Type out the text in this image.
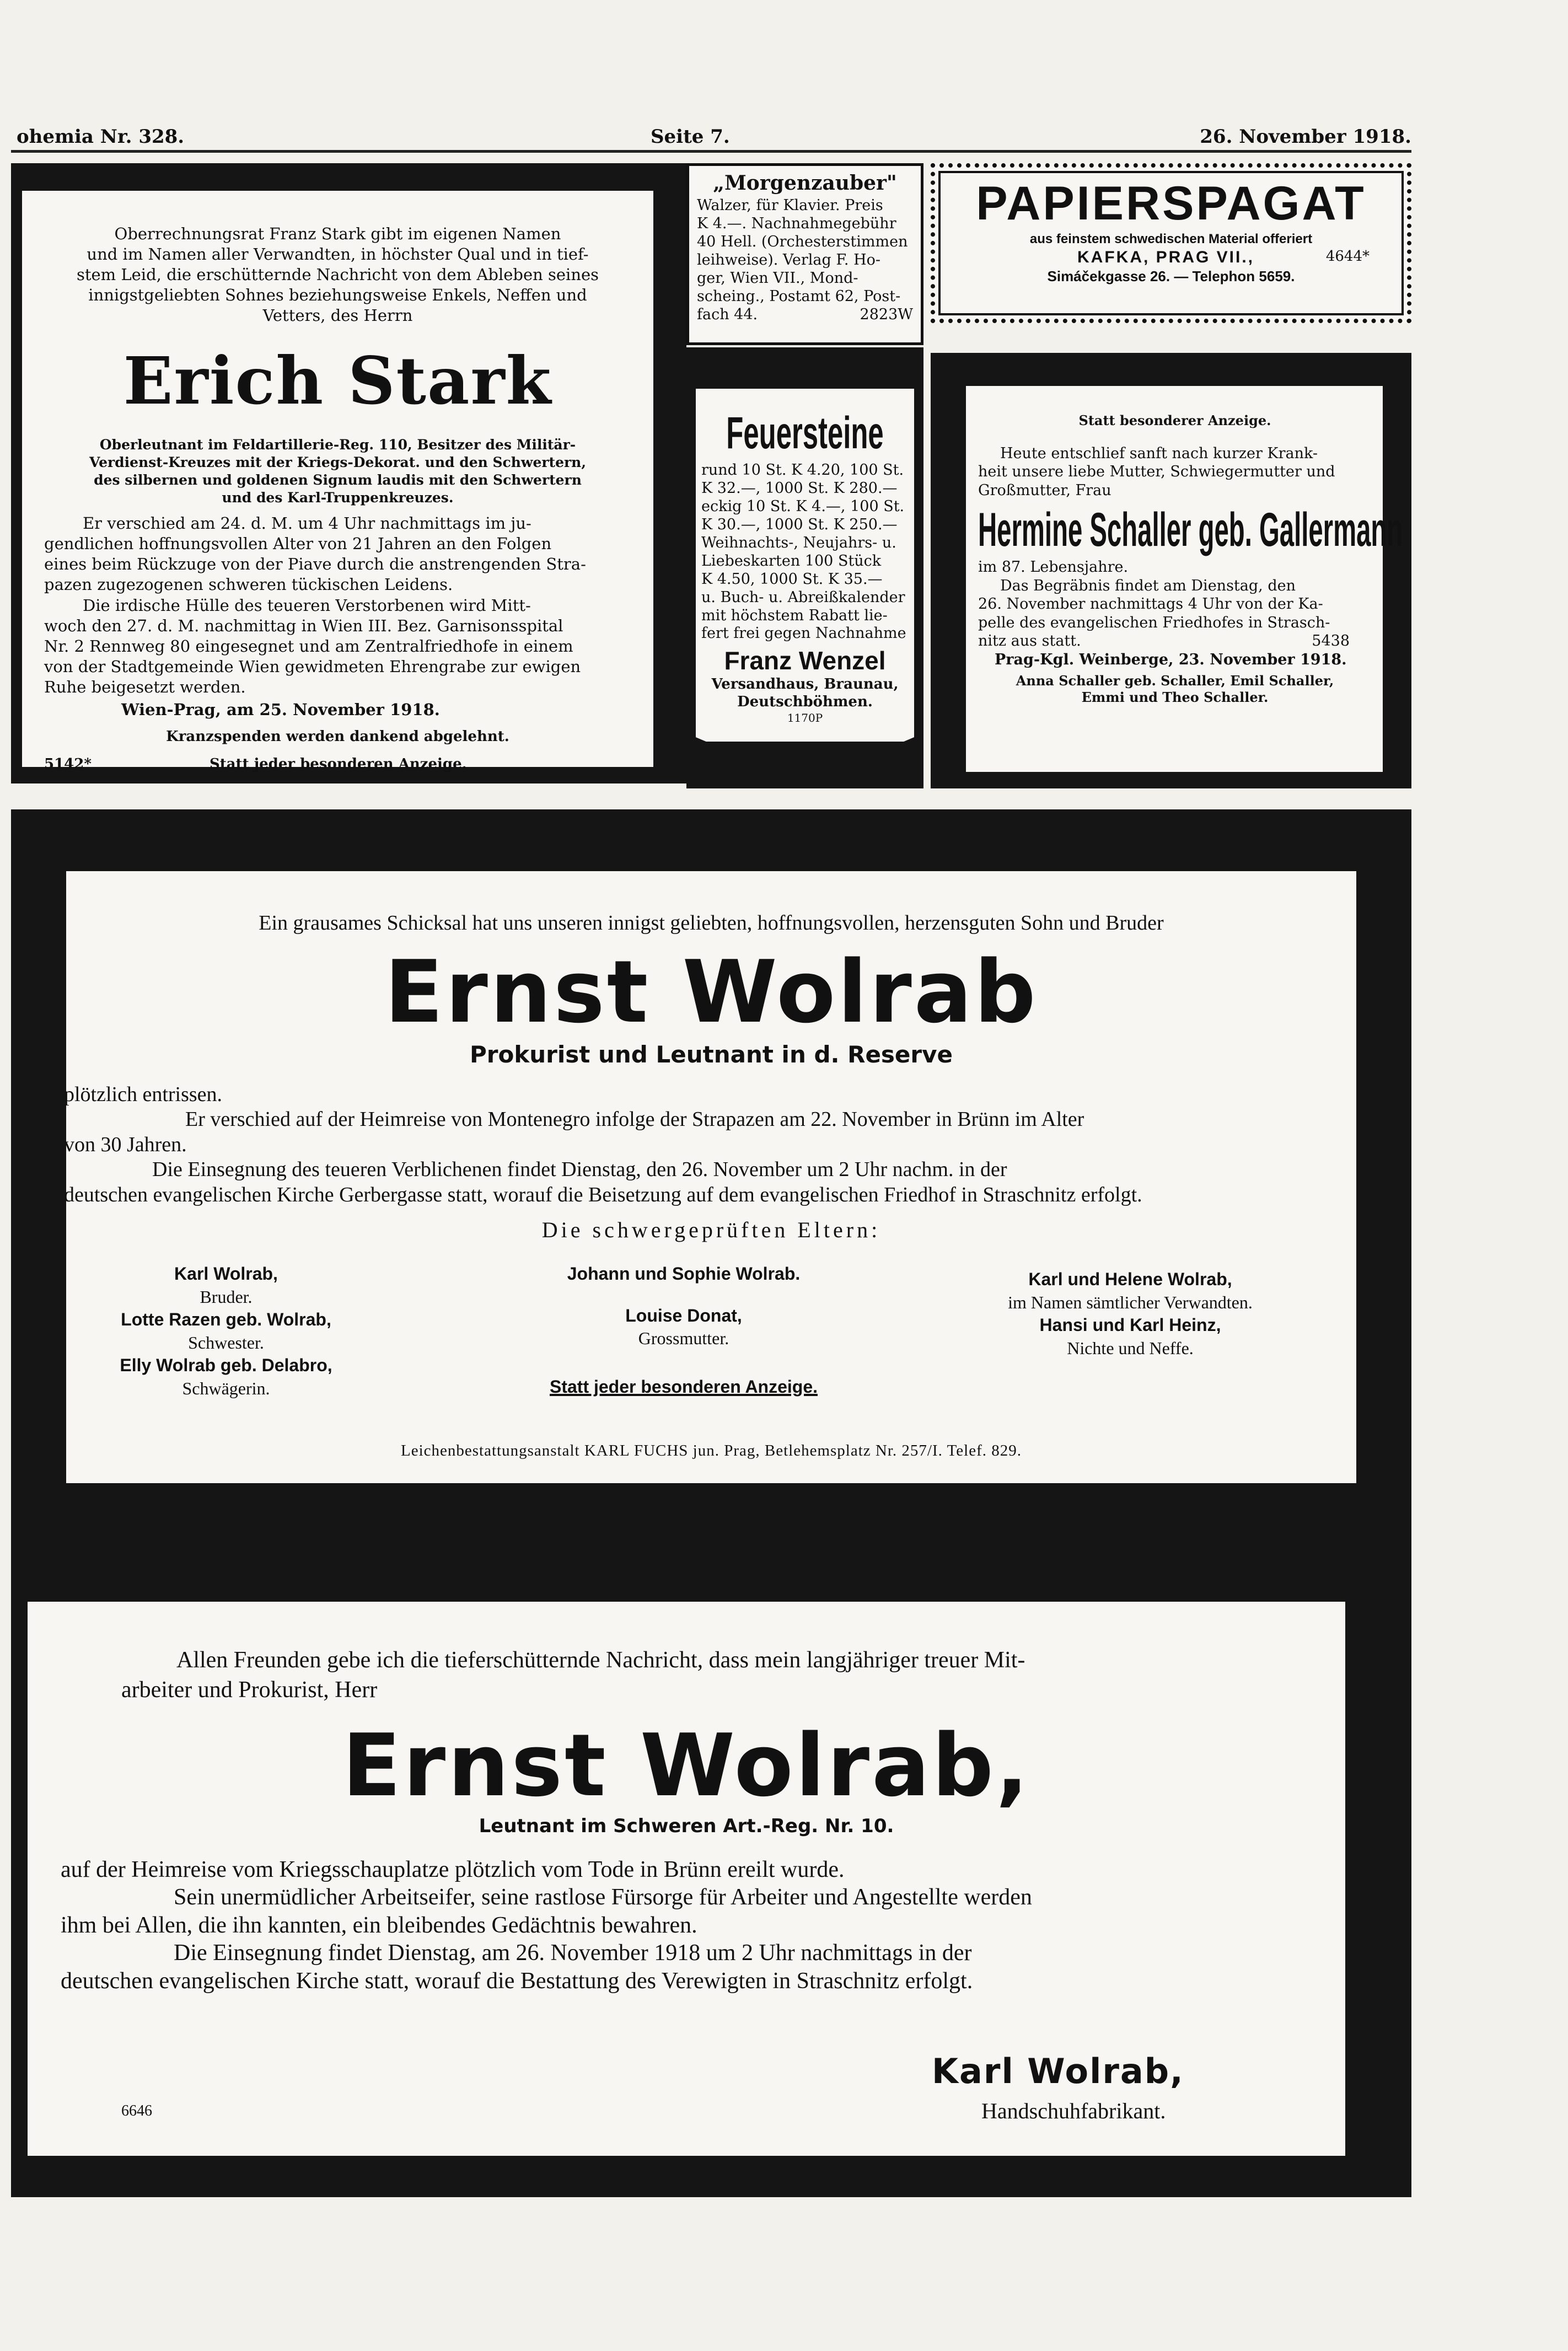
ohemia Nr. 328.	Seite 7.	26. November 1918.
Oberrechnungsrat Franz Stark gibt im eigenen Namen
und im Namen aller Verwandten, in höchster Qual und in tief-
stem Leid, die erschütternde Nachricht von dem Ableben seines
innigstgeliebten Sohnes beziehungsweise Enkels, Neffen und
Vetters, des Herrn
Erich Stark
Oberleutnant im Feldartillerie-Reg. 110, Besitzer des Militär-
Verdienst-Kreuzes mit der Kriegs-Dekorat. und den Schwertern,
des silbernen und goldenen Signum laudis mit den Schwertern
und des Karl-Truppenkreuzes.
Er verschied am 24. d. M. um 4 Uhr nachmittags im ju-
gendlichen hoffnungsvollen Alter von 21 Jahren an den Folgen
eines beim Rückzuge von der Piave durch die anstrengenden Stra-
pazen zugezogenen schweren tückischen Leidens.
Die irdische Hülle des teueren Verstorbenen wird Mitt-
woch den 27. d. M. nachmittag in Wien III. Bez. Garnisonsspital
Nr. 2 Rennweg 80 eingesegnet und am Zentralfriedhofe in einem
von der Stadtgemeinde Wien gewidmeten Ehrengrabe zur ewigen
Ruhe beigesetzt werden.
Wien-Prag, am 25. November 1918.
Kranzspenden werden dankend abgelehnt.
5142*	Statt jeder besonderen Anzeige.
„Morgenzauber"
Walzer, für Klavier. Preis
K 4.—. Nachnahmegebühr
40 Hell. (Orchesterstimmen
leihweise). Verlag F. Ho-
ger, Wien VII., Mond-
scheing., Postamt 62, Post-
fach 44.	2823W
Feuersteine
rund 10 St. K 4.20, 100 St.
K 32.—, 1000 St. K 280.—
eckig 10 St. K 4.—, 100 St.
K 30.—, 1000 St. K 250.—
Weihnachts-, Neujahrs- u.
Liebeskarten 100 Stück
K 4.50, 1000 St. K 35.—
u. Buch- u. Abreißkalender
mit höchstem Rabatt lie-
fert frei gegen Nachnahme
Franz Wenzel
Versandhaus, Braunau,
Deutschböhmen.
1170P
PAPIERSPAGAT
aus feinstem schwedischen Material offeriert
KAFKA, PRAG VII.,	4644*
Simáčekgasse 26. — Telephon 5659.
Statt besonderer Anzeige.
Heute entschlief sanft nach kurzer Krank-
heit unsere liebe Mutter, Schwiegermutter und
Großmutter, Frau
Hermine Schaller geb. Gallermann
im 87. Lebensjahre.
Das Begräbnis findet am Dienstag, den
26. November nachmittags 4 Uhr von der Ka-
pelle des evangelischen Friedhofes in Strasch-
nitz aus statt.	5438
Prag-Kgl. Weinberge, 23. November 1918.
Anna Schaller geb. Schaller, Emil Schaller,
Emmi und Theo Schaller.
Ein grausames Schicksal hat uns unseren innigst geliebten, hoffnungsvollen, herzensguten Sohn und Bruder
Ernst Wolrab
Prokurist und Leutnant in d. Reserve
plötzlich entrissen.
Er verschied auf der Heimreise von Montenegro infolge der Strapazen am 22. November in Brünn im Alter
von 30 Jahren.
Die Einsegnung des teueren Verblichenen findet Dienstag, den 26. November um 2 Uhr nachm. in der
deutschen evangelischen Kirche Gerbergasse statt, worauf die Beisetzung auf dem evangelischen Friedhof in Straschnitz erfolgt.
Die schwergeprüften Eltern:
Karl Wolrab,
Bruder.
Lotte Razen geb. Wolrab,
Schwester.
Elly Wolrab geb. Delabro,
Schwägerin.
Johann und Sophie Wolrab.
Louise Donat,
Grossmutter.
Statt jeder besonderen Anzeige.
Karl und Helene Wolrab,
im Namen sämtlicher Verwandten.
Hansi und Karl Heinz,
Nichte und Neffe.
Leichenbestattungsanstalt KARL FUCHS jun. Prag, Betlehemsplatz Nr. 257/I. Telef. 829.
Allen Freunden gebe ich die tieferschütternde Nachricht, dass mein langjähriger treuer Mit-
arbeiter und Prokurist, Herr
Ernst Wolrab,
Leutnant im Schweren Art.-Reg. Nr. 10.
auf der Heimreise vom Kriegsschauplatze plötzlich vom Tode in Brünn ereilt wurde.
Sein unermüdlicher Arbeitseifer, seine rastlose Fürsorge für Arbeiter und Angestellte werden
ihm bei Allen, die ihn kannten, ein bleibendes Gedächtnis bewahren.
Die Einsegnung findet Dienstag, am 26. November 1918 um 2 Uhr nachmittags in der
deutschen evangelischen Kirche statt, worauf die Bestattung des Verewigten in Straschnitz erfolgt.
Karl Wolrab,
Handschuhfabrikant.
6646
